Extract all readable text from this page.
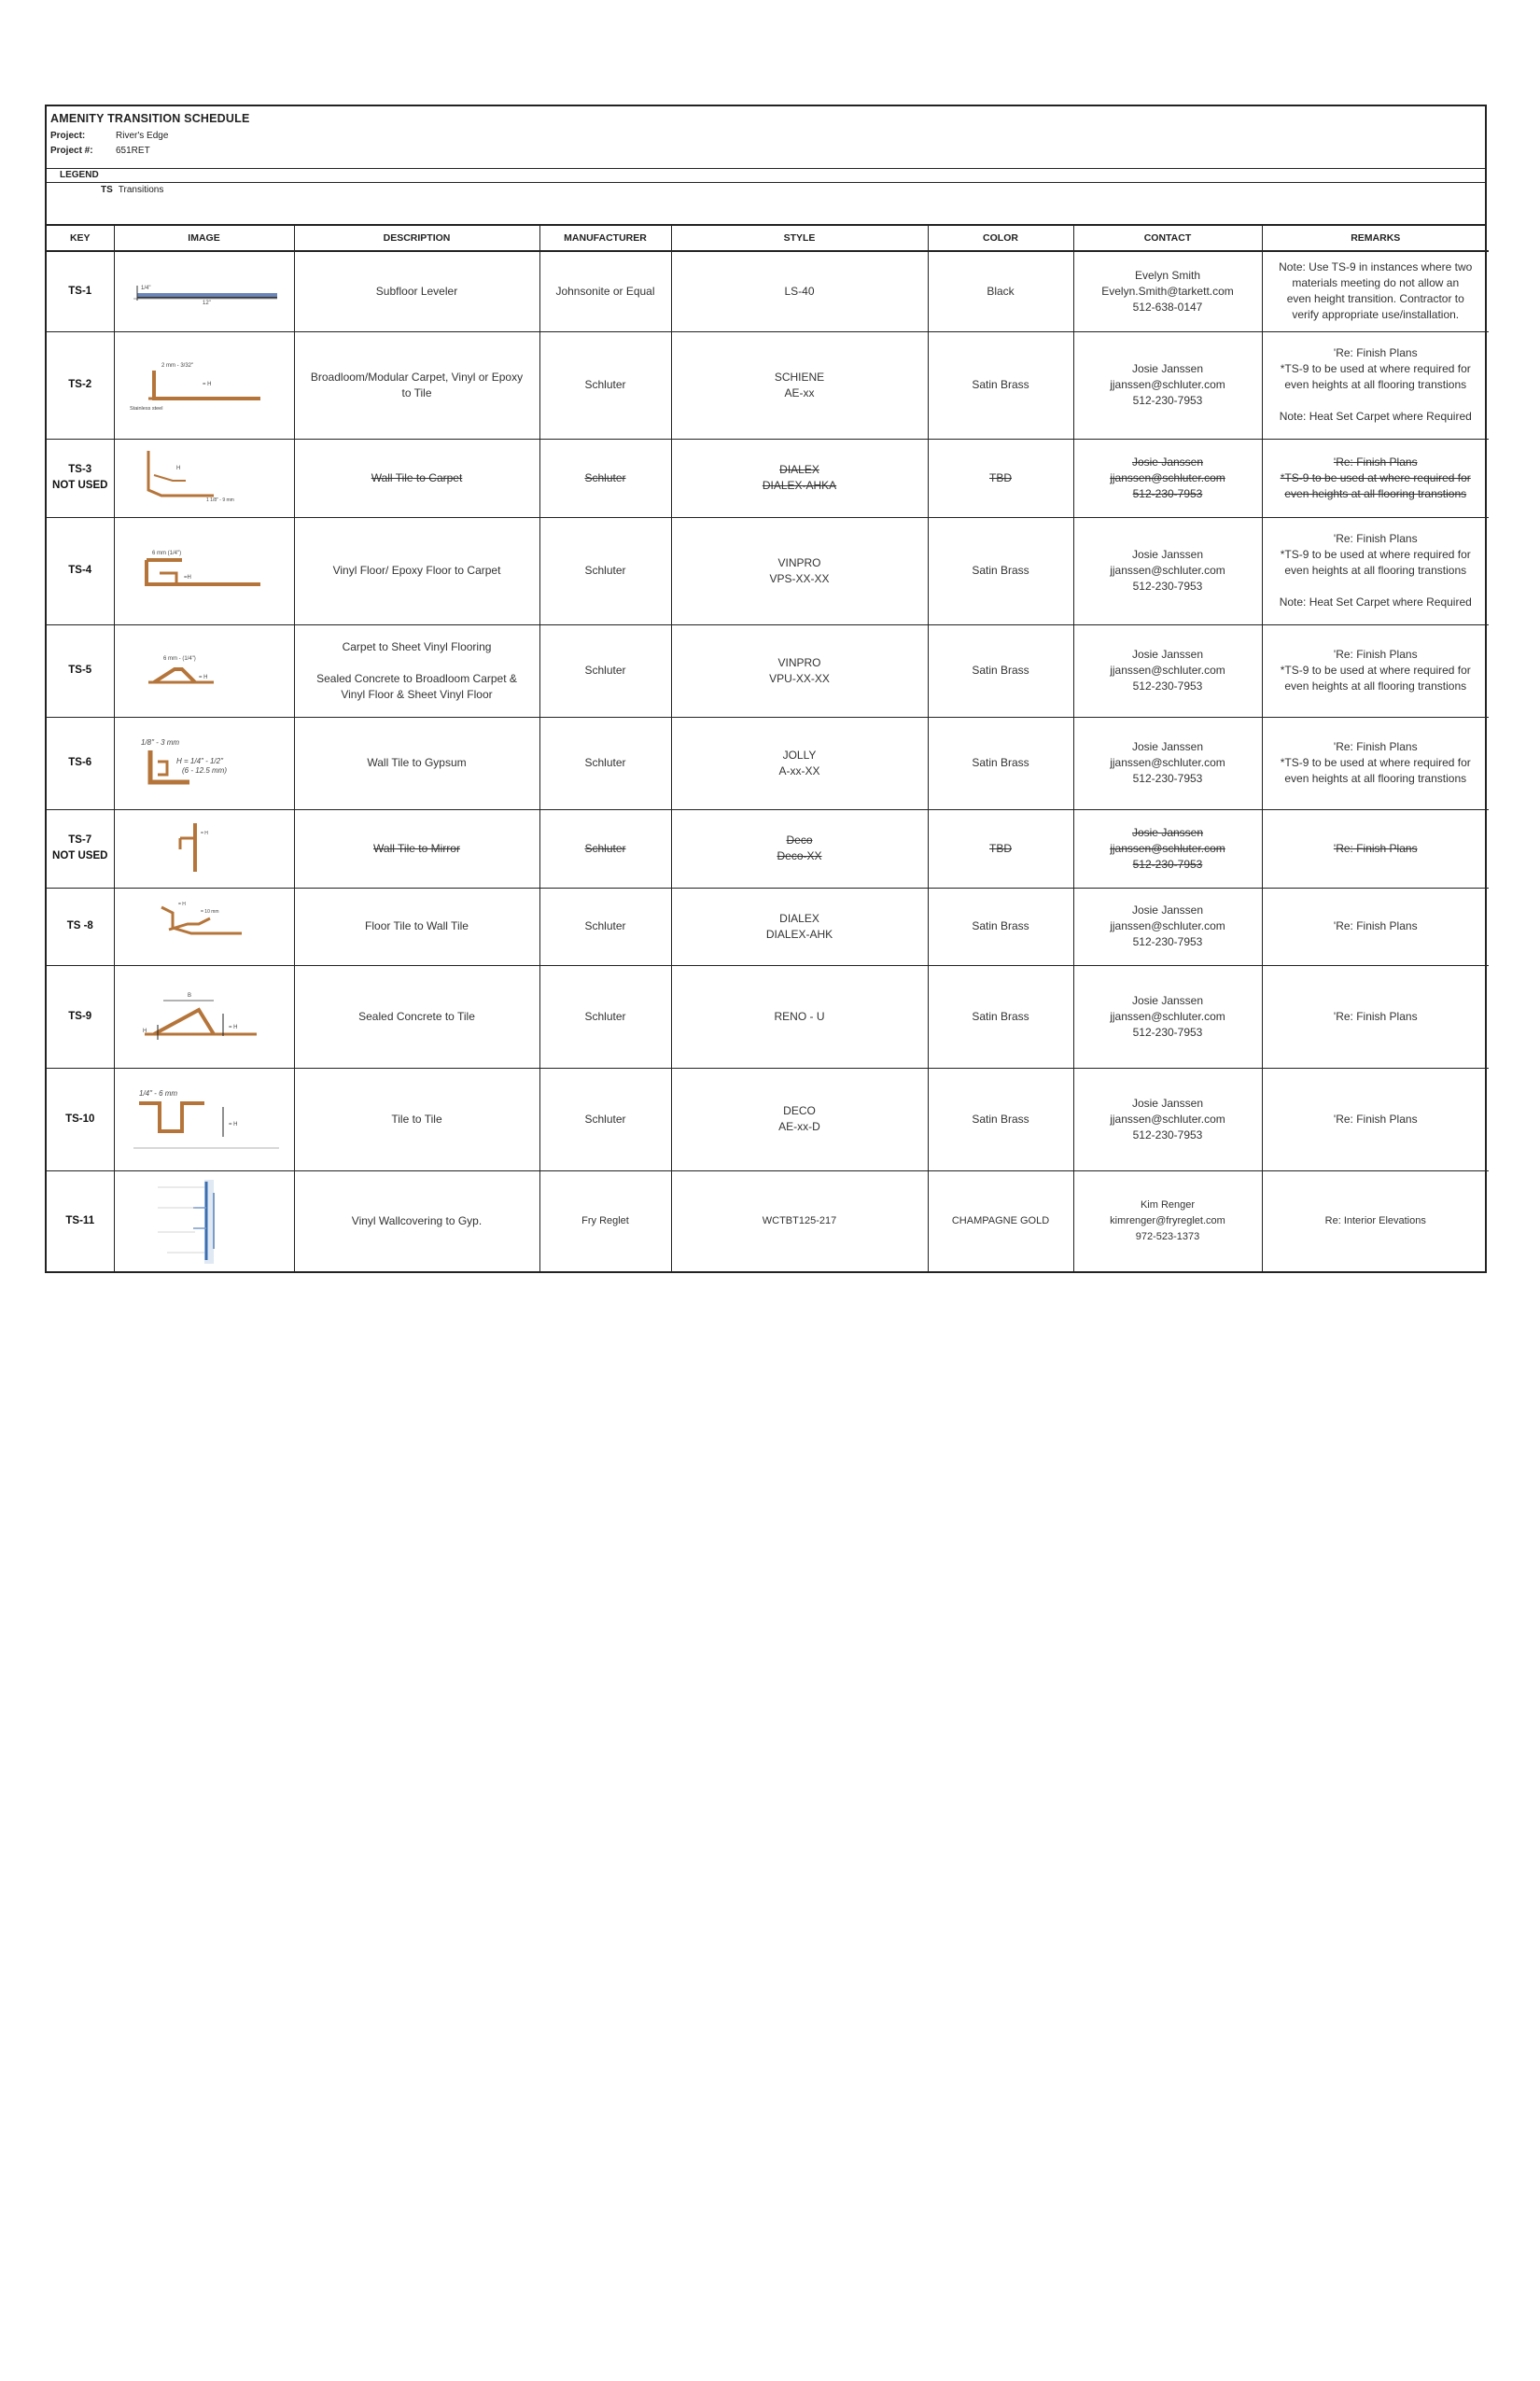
AMENITY TRANSITION SCHEDULE
Project:	River's Edge
Project #: 651RET
LEGEND
TS Transitions
KEY	IMAGE	DESCRIPTION	MANUFACTURER	STYLE	COLOR	CONTACT	REMARKS

TS-1	1/4"
12"	Subfloor Leveler	Johnsonite or Equal	LS-40	Black	Evelyn Smith
Evelyn.Smith@tarkett.com
512-638-0147	Note: Use TS-9 in instances where two
materials meeting do not allow an
even height transition. Contractor to
verify appropriate use/installation.

TS-2	2 mm - 3/32"
= H
Stainless steel	Broadloom/Modular Carpet, Vinyl or Epoxy
to Tile	Schluter	SCHIENE
AE-xx	Satin Brass	Josie Janssen
jjanssen@schluter.com
512-230-7953	'Re: Finish Plans
*TS-9 to be used at where required for
even heights at all flooring transtions
Note: Heat Set Carpet where Required

TS-3
NOT USED	H
1 1/8" - 9 mm	Wall Tile to Carpet	Schluter	DIALEX
DIALEX-AHKA	TBD	Josie Janssen
jjanssen@schluter.com
512-230-7953	'Re: Finish Plans
*TS-9 to be used at where required for
even heights at all flooring transtions

TS-4	6 mm (1/4")
=H	Vinyl Floor/ Epoxy Floor to Carpet	Schluter	VINPRO
VPS-XX-XX	Satin Brass	Josie Janssen
jjanssen@schluter.com
512-230-7953	'Re: Finish Plans
*TS-9 to be used at where required for
even heights at all flooring transtions
Note: Heat Set Carpet where Required

TS-5	6 mm - (1/4")
= H	Carpet to Sheet Vinyl Flooring
Sealed Concrete to Broadloom Carpet &
Vinyl Floor & Sheet Vinyl Floor	Schluter	VINPRO
VPU-XX-XX	Satin Brass	Josie Janssen
jjanssen@schluter.com
512-230-7953	'Re: Finish Plans
*TS-9 to be used at where required for
even heights at all flooring transtions

TS-6	1/8" - 3 mm
H = 1/4" - 1/2"
(6 - 12.5 mm)	Wall Tile to Gypsum	Schluter	JOLLY
A-xx-XX	Satin Brass	Josie Janssen
jjanssen@schluter.com
512-230-7953	'Re: Finish Plans
*TS-9 to be used at where required for
even heights at all flooring transtions

TS-7
NOT USED	= H	Wall Tile to Mirror	Schluter	Deco
Deco-XX	TBD	Josie Janssen
jjanssen@schluter.com
512-230-7953	'Re: Finish Plans

TS -8	= H
= 10 mm	Floor Tile to Wall Tile	Schluter	DIALEX
DIALEX-AHK	Satin Brass	Josie Janssen
jjanssen@schluter.com
512-230-7953	'Re: Finish Plans

TS-9	B
= H
H	Sealed Concrete to Tile	Schluter	RENO - U	Satin Brass	Josie Janssen
jjanssen@schluter.com
512-230-7953	'Re: Finish Plans

TS-10	1/4" - 6 mm
= H	Tile to Tile	Schluter	DECO
AE-xx-D	Satin Brass	Josie Janssen
jjanssen@schluter.com
512-230-7953	'Re: Finish Plans

TS-11		Vinyl Wallcovering to Gyp.	Fry Reglet	WCTBT125-217	CHAMPAGNE GOLD	Kim Renger
kimrenger@fryreglet.com
972-523-1373	Re: Interior Elevations
